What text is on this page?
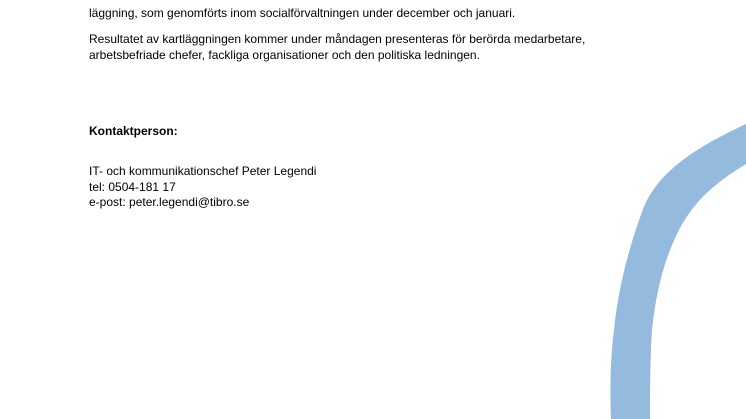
läggning, som genomförts inom socialförvaltningen under december och januari.

Resultatet av kartläggningen kommer under måndagen presenteras för berörda medarbetare, arbetsbefriade chefer, fackliga organisationer och den politiska ledningen.

Kontaktperson:

IT- och kommunikationschef Peter Legendi
tel: 0504-181 17
e-post: peter.legendi@tibro.se
